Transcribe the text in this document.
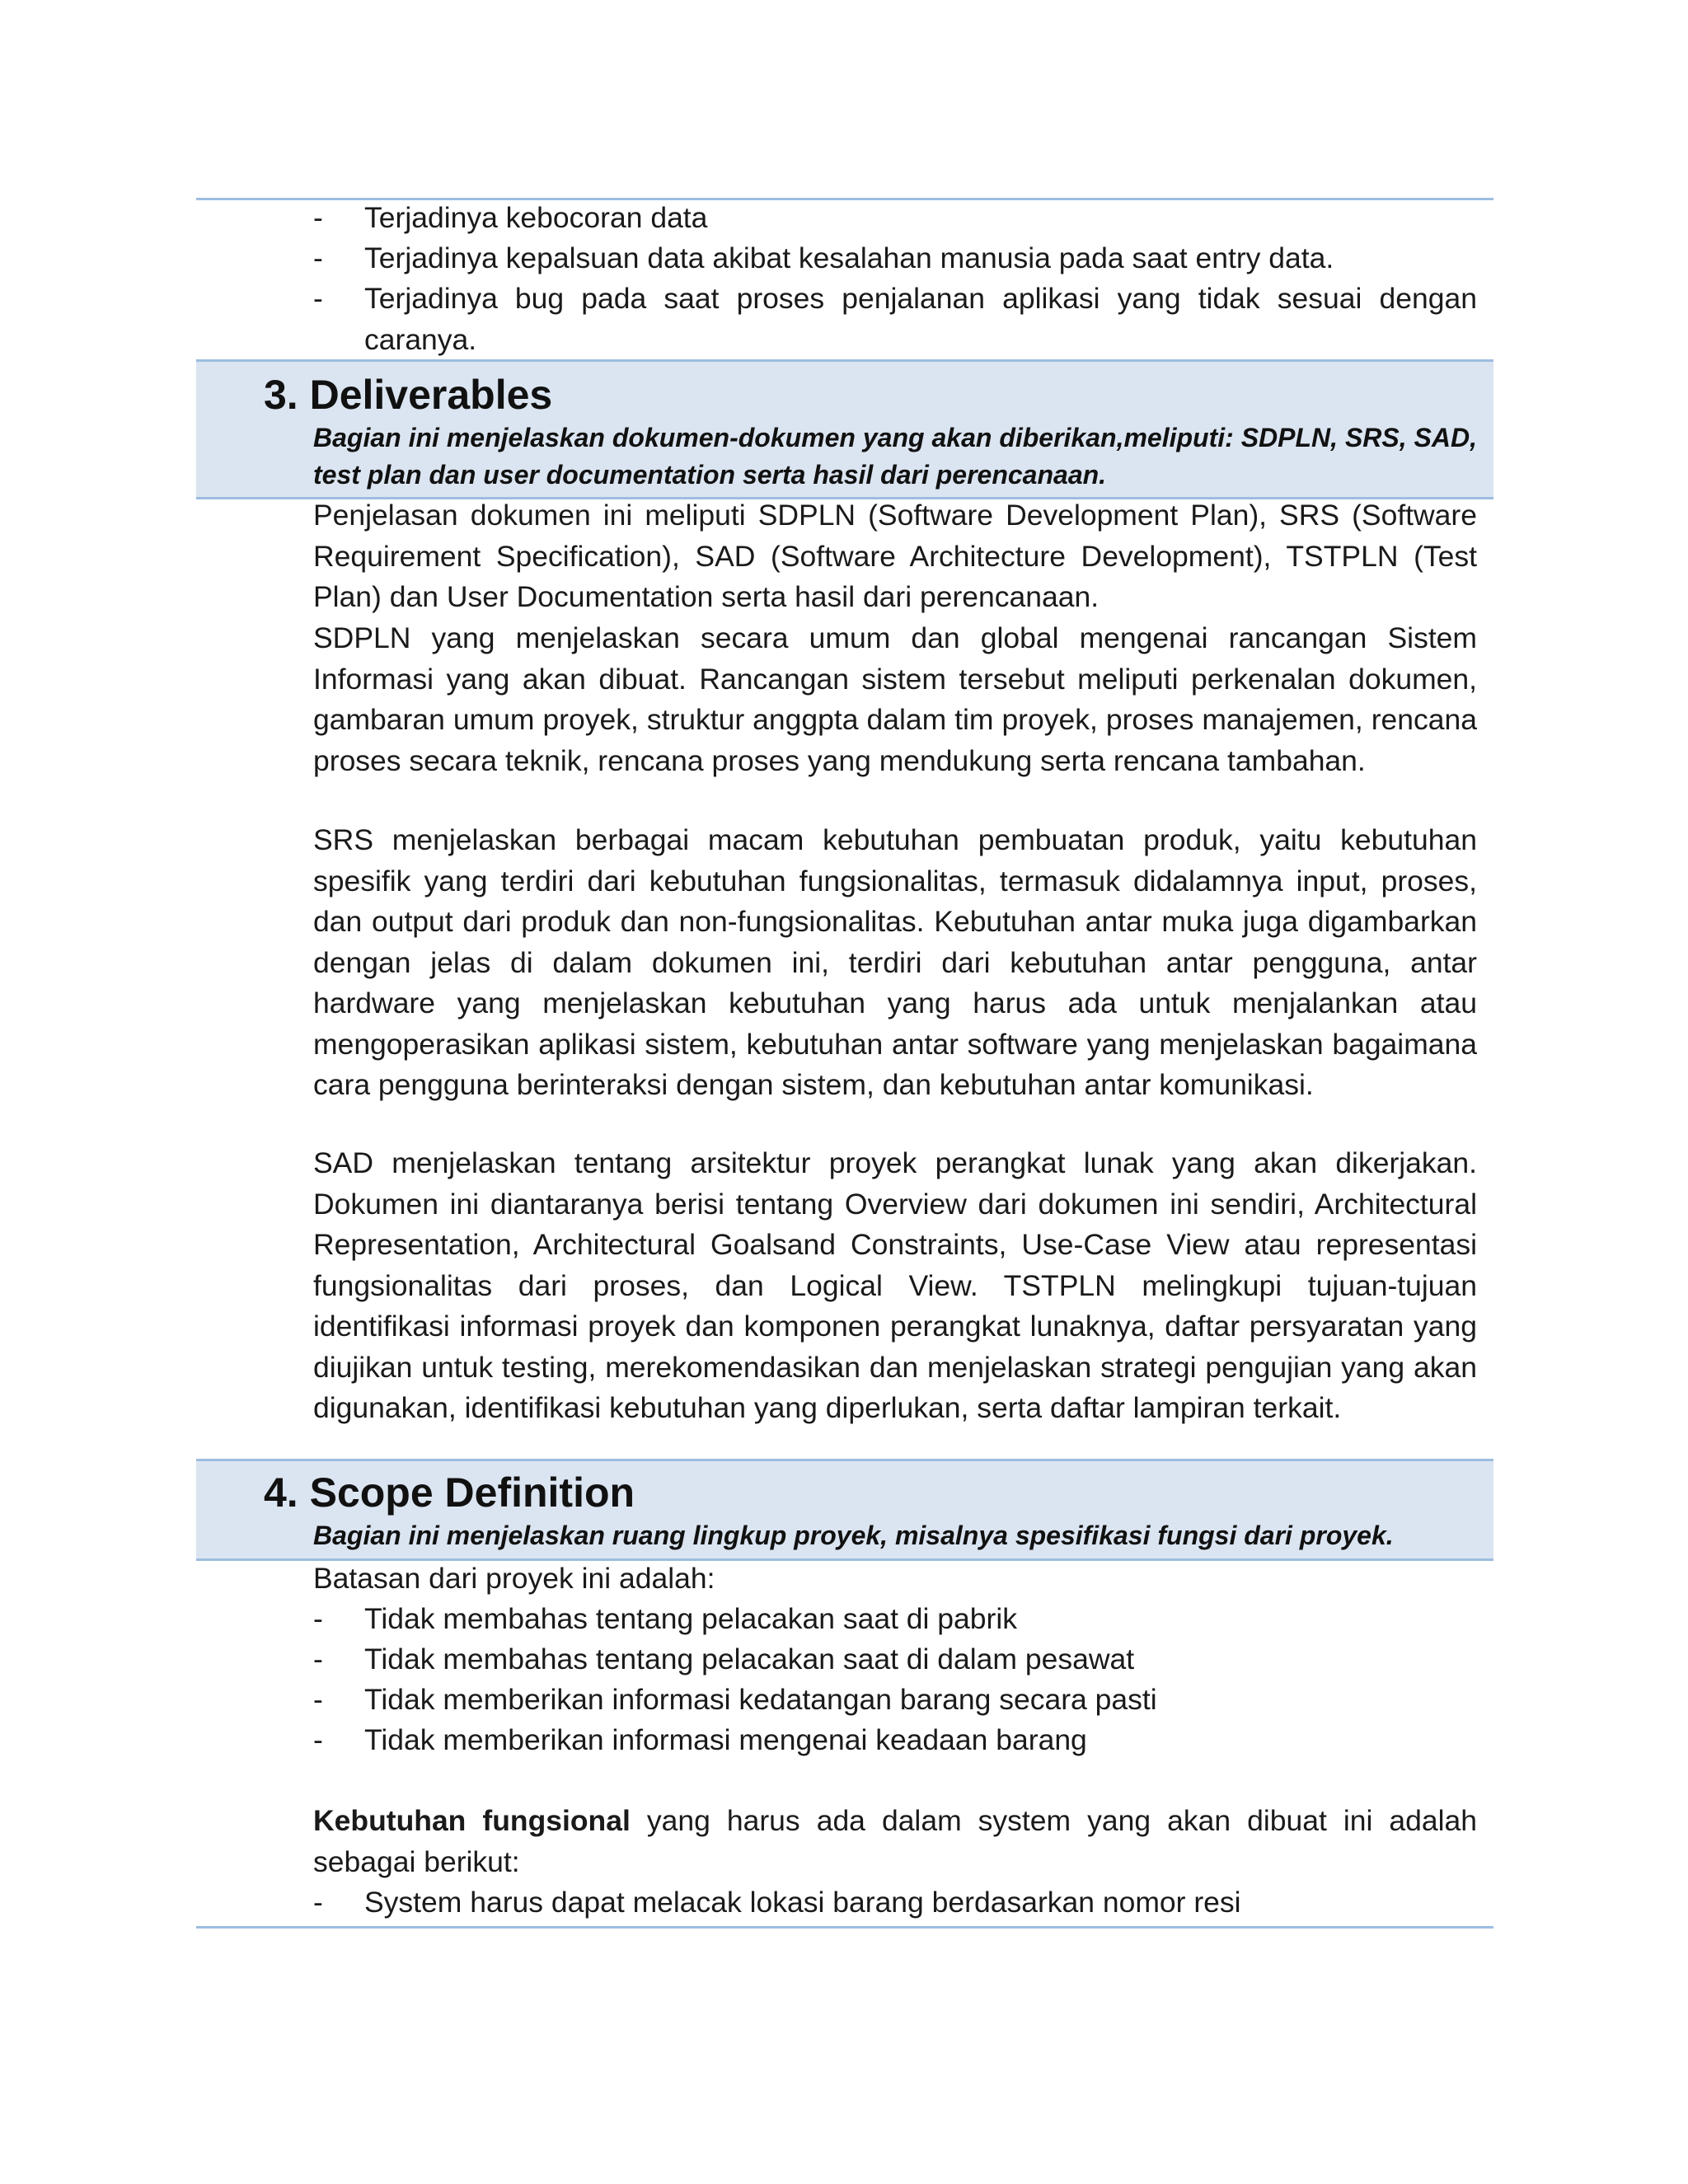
- Terjadinya kebocoran data
- Terjadinya kepalsuan data akibat kesalahan manusia pada saat entry data.
- Terjadinya bug pada saat proses penjalanan aplikasi yang tidak sesuai dengan caranya.
3. Deliverables
Bagian ini menjelaskan dokumen-dokumen yang akan diberikan,meliputi: SDPLN, SRS, SAD, test plan dan user documentation serta hasil dari perencanaan.
Penjelasan dokumen ini meliputi SDPLN (Software Development Plan), SRS (Software Requirement Specification), SAD (Software Architecture Development), TSTPLN (Test Plan) dan User Documentation serta hasil dari perencanaan.
SDPLN yang menjelaskan secara umum dan global mengenai rancangan Sistem Informasi yang akan dibuat. Rancangan sistem tersebut meliputi perkenalan dokumen, gambaran umum proyek, struktur anggpta dalam tim proyek, proses manajemen, rencana proses secara teknik, rencana proses yang mendukung serta rencana tambahan.
SRS menjelaskan berbagai macam kebutuhan pembuatan produk, yaitu kebutuhan spesifik yang terdiri dari kebutuhan fungsionalitas, termasuk didalamnya input, proses, dan output dari produk dan non-fungsionalitas. Kebutuhan antar muka juga digambarkan dengan jelas di dalam dokumen ini, terdiri dari kebutuhan antar pengguna, antar hardware yang menjelaskan kebutuhan yang harus ada untuk menjalankan atau mengoperasikan aplikasi sistem, kebutuhan antar software yang menjelaskan bagaimana cara pengguna berinteraksi dengan sistem, dan kebutuhan antar komunikasi.
SAD menjelaskan tentang arsitektur proyek perangkat lunak yang akan dikerjakan. Dokumen ini diantaranya berisi tentang Overview dari dokumen ini sendiri, Architectural Representation, Architectural Goalsand Constraints, Use-Case View atau representasi fungsionalitas dari proses, dan Logical View. TSTPLN melingkupi tujuan-tujuan identifikasi informasi proyek dan komponen perangkat lunaknya, daftar persyaratan yang diujikan untuk testing, merekomendasikan dan menjelaskan strategi pengujian yang akan digunakan, identifikasi kebutuhan yang diperlukan, serta daftar lampiran terkait.
4. Scope Definition
Bagian ini menjelaskan ruang lingkup proyek, misalnya spesifikasi fungsi dari proyek.
Batasan dari proyek ini adalah:
- Tidak membahas tentang pelacakan saat di pabrik
- Tidak membahas tentang pelacakan saat di dalam pesawat
- Tidak memberikan informasi kedatangan barang secara pasti
- Tidak memberikan informasi mengenai keadaan barang
Kebutuhan fungsional yang harus ada dalam system yang akan dibuat ini adalah sebagai berikut:
- System harus dapat melacak lokasi barang berdasarkan nomor resi
